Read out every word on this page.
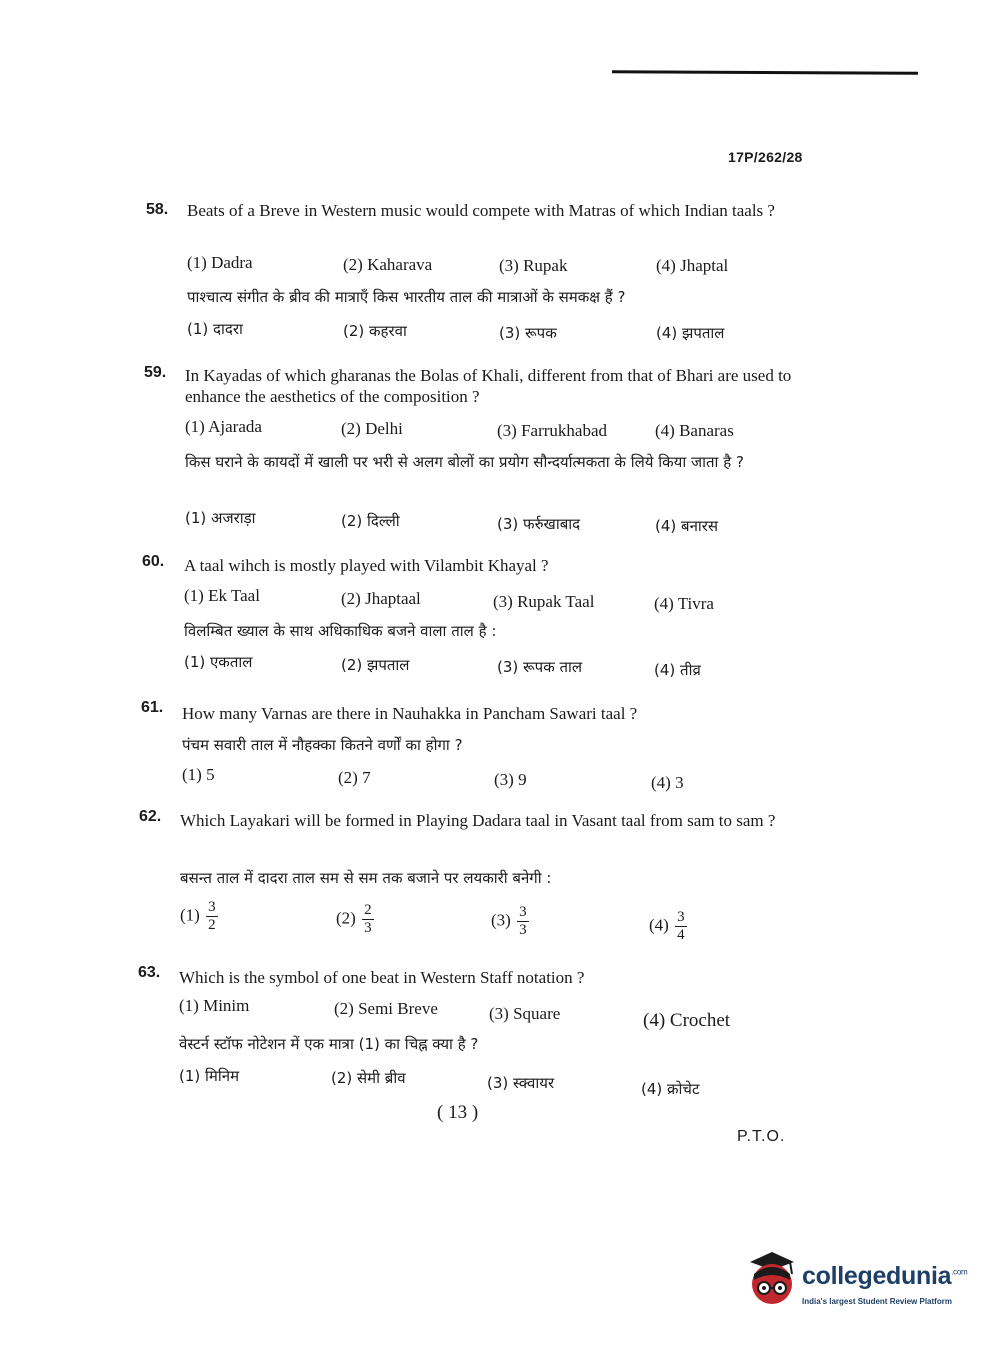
17P/262/28
58. Beats of a Breve in Western music would compete with Matras of which Indian taals ?
(1) Dadra	(2) Kaharava	(3) Rupak	(4) Jhaptal
पाश्चात्य संगीत के ब्रीव की मात्राएँ किस भारतीय ताल की मात्राओं के समकक्ष हैं ?
(1) दादरा	(2) कहरवा	(3) रूपक	(4) झपताल
59. In Kayadas of which gharanas the Bolas of Khali, different from that of Bhari are used to enhance the aesthetics of the composition ?
(1) Ajarada	(2) Delhi	(3) Farrukhabad	(4) Banaras
किस घराने के कायदों में खाली पर भरी से अलग बोलों का प्रयोग सौन्दर्यात्मकता के लिये किया जाता है ?
(1) अजराड़ा	(2) दिल्ली	(3) फर्रुखाबाद	(4) बनारस
60. A taal wihch is mostly played with Vilambit Khayal ?
(1) Ek Taal	(2) Jhaptaal	(3) Rupak Taal	(4) Tivra
विलम्बित ख्याल के साथ अधिकाधिक बजने वाला ताल है :
(1) एकताल	(2) झपताल	(3) रूपक ताल	(4) तीव्र
61. How many Varnas are there in Nauhakka in Pancham Sawari taal ?
पंचम सवारी ताल में नौहक्का कितने वर्णों का होगा ?
(1) 5	(2) 7	(3) 9	(4) 3
62. Which Layakari will be formed in Playing Dadara taal in Vasant taal from sam to sam ?
बसन्त ताल में दादरा ताल सम से सम तक बजाने पर लयकारी बनेगी :
$(1) \frac{3}{2}$	$(2) \frac{2}{3}$	$(3) \frac{3}{3}$	$(4) \frac{3}{4}$
63. Which is the symbol of one beat in Western Staff notation ?
(1) Minim	(2) Semi Breve	(3) Square	(4) Crochet
वेस्टर्न स्टॉफ नोटेशन में एक मात्रा (1) का चिह्न क्या है ?
(1) मिनिम	(2) सेमी ब्रीव	(3) स्क्वायर	(4) क्रोचेट
( 13 )
P.T.O.
collegedunia$^{.com}$
India's largest Student Review Platform
